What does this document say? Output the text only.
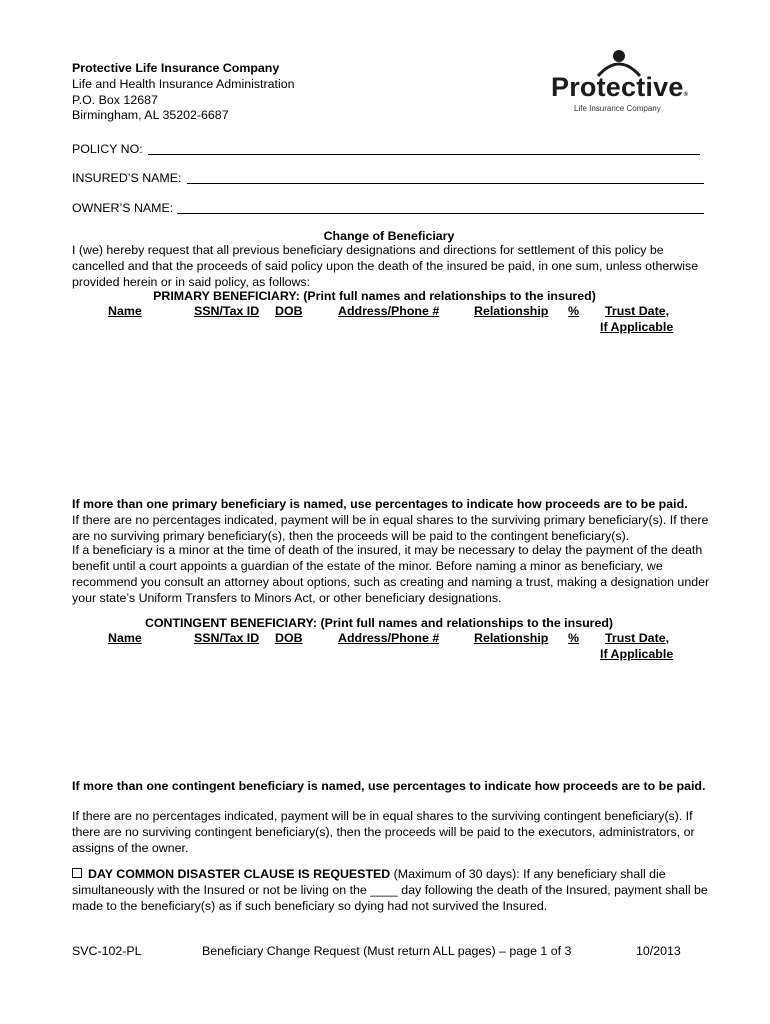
Protective Life Insurance Company
Life and Health Insurance Administration
P.O. Box 12687
Birmingham, AL 35202-6687
Protective®
Life Insurance Company
POLICY NO:
INSURED’S NAME:
OWNER’S NAME:
Change of Beneficiary
I (we) hereby request that all previous beneficiary designations and directions for settlement of this policy be cancelled and that the proceeds of said policy upon the death of the insured be paid, in one sum, unless otherwise provided herein or in said policy, as follows:
PRIMARY BENEFICIARY: (Print full names and relationships to the insured)
Name	SSN/Tax ID DOB	Address/Phone #	Relationship % Trust Date,
If Applicable
If more than one primary beneficiary is named, use percentages to indicate how proceeds are to be paid.
If there are no percentages indicated, payment will be in equal shares to the surviving primary beneficiary(s). If there are no surviving primary beneficiary(s), then the proceeds will be paid to the contingent beneficiary(s).
If a beneficiary is a minor at the time of death of the insured, it may be necessary to delay the payment of the death benefit until a court appoints a guardian of the estate of the minor. Before naming a minor as beneficiary, we recommend you consult an attorney about options, such as creating and naming a trust, making a designation under your state’s Uniform Transfers to Minors Act, or other beneficiary designations.
CONTINGENT BENEFICIARY: (Print full names and relationships to the insured)
Name	SSN/Tax ID DOB	Address/Phone #	Relationship % Trust Date,
If Applicable
If more than one contingent beneficiary is named, use percentages to indicate how proceeds are to be paid.
If there are no percentages indicated, payment will be in equal shares to the surviving contingent beneficiary(s). If there are no surviving contingent beneficiary(s), then the proceeds will be paid to the executors, administrators, or assigns of the owner.
DAY COMMON DISASTER CLAUSE IS REQUESTED (Maximum of 30 days): If any beneficiary shall die simultaneously with the Insured or not be living on the ____ day following the death of the Insured, payment shall be made to the beneficiary(s) as if such beneficiary so dying had not survived the Insured.
SVC-102-PL	Beneficiary Change Request (Must return ALL pages) – page 1 of 3	10/2013
